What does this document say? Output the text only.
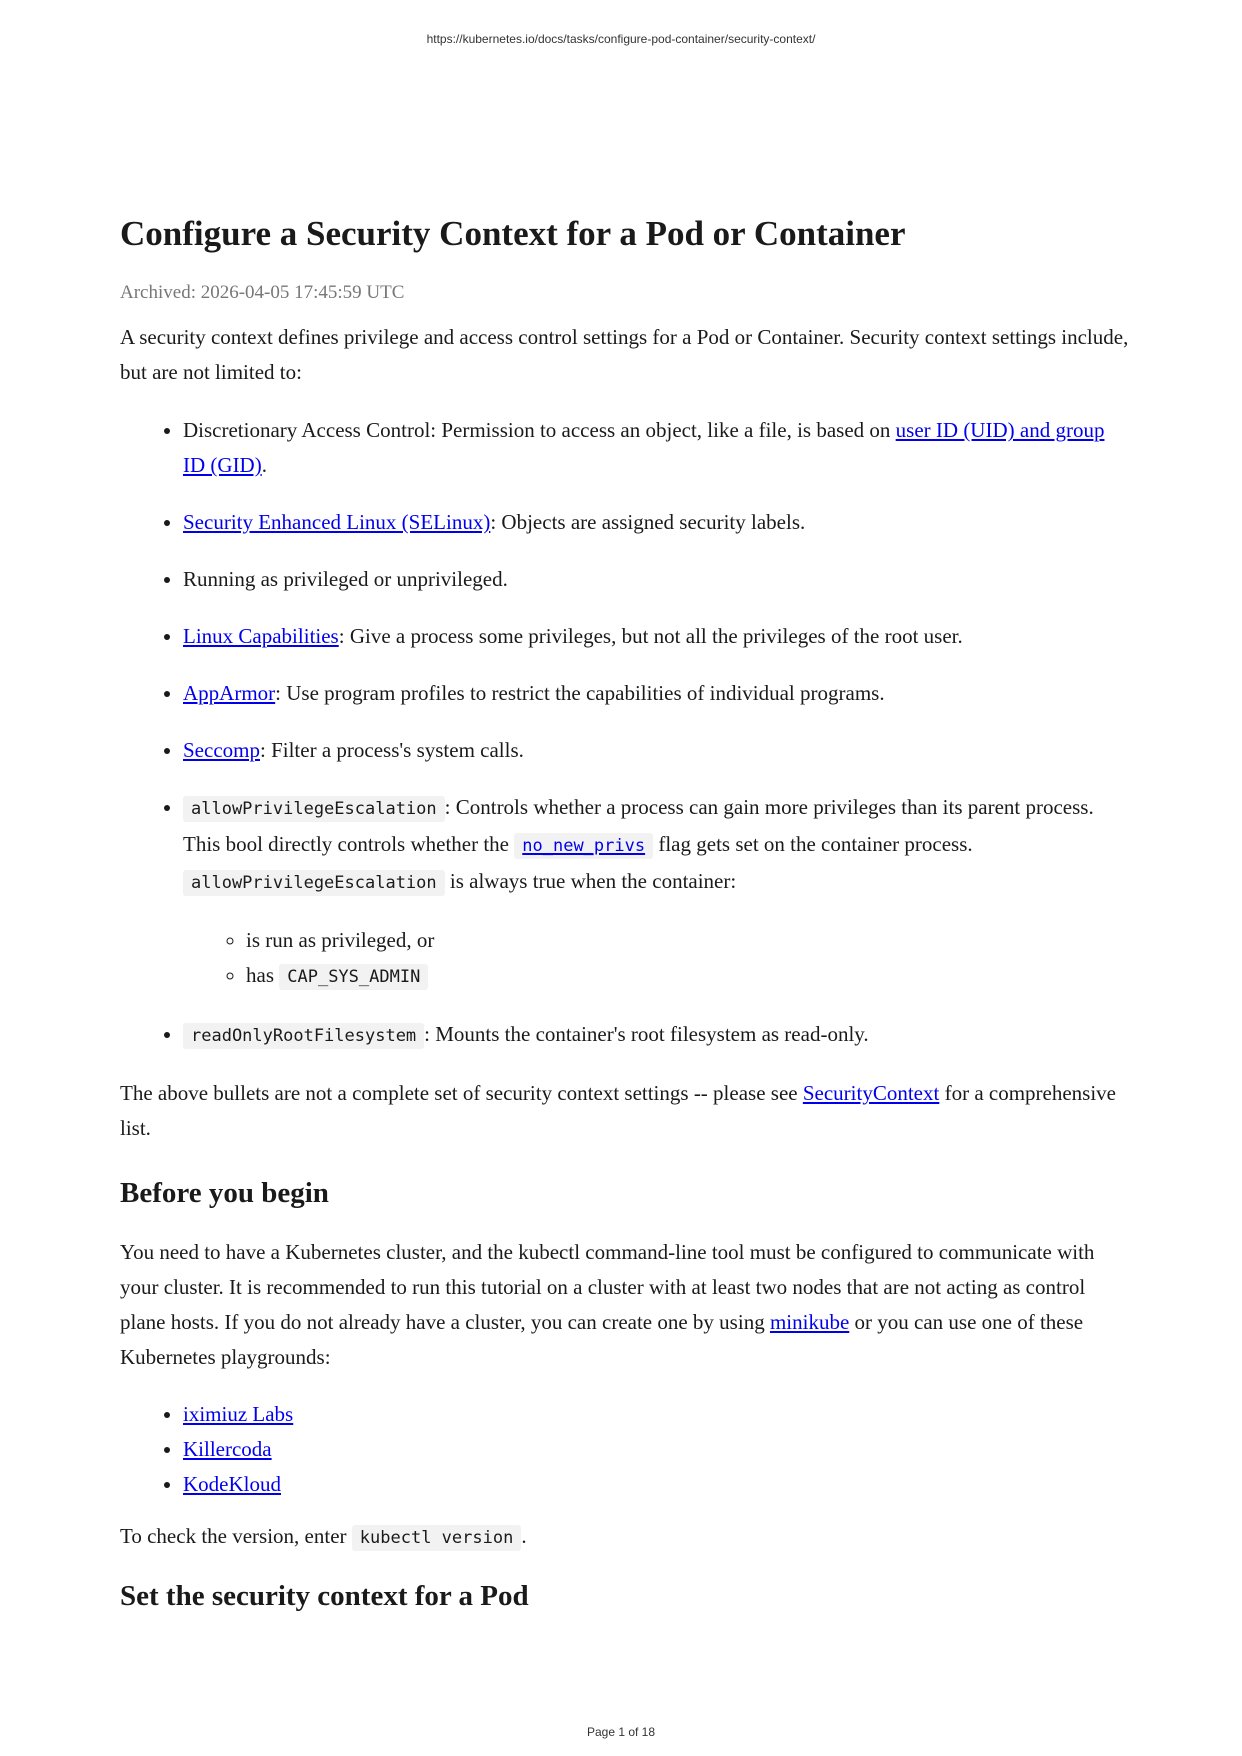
https://kubernetes.io/docs/tasks/configure-pod-container/security-context/
Configure a Security Context for a Pod or Container
Archived: 2026-04-05 17:45:59 UTC

A security context defines privilege and access control settings for a Pod or Container. Security context settings include, but are not limited to:

• Discretionary Access Control: Permission to access an object, like a file, is based on user ID (UID) and group ID (GID).
• Security Enhanced Linux (SELinux): Objects are assigned security labels.
• Running as privileged or unprivileged.
• Linux Capabilities: Give a process some privileges, but not all the privileges of the root user.
• AppArmor: Use program profiles to restrict the capabilities of individual programs.
• Seccomp: Filter a process's system calls.
• allowPrivilegeEscalation : Controls whether a process can gain more privileges than its parent process. This bool directly controls whether the no_new_privs flag gets set on the container process. allowPrivilegeEscalation is always true when the container:
◦ is run as privileged, or
◦ has CAP_SYS_ADMIN
• readOnlyRootFilesystem : Mounts the container's root filesystem as read-only.

The above bullets are not a complete set of security context settings -- please see SecurityContext for a comprehensive list.

Before you begin

You need to have a Kubernetes cluster, and the kubectl command-line tool must be configured to communicate with your cluster. It is recommended to run this tutorial on a cluster with at least two nodes that are not acting as control plane hosts. If you do not already have a cluster, you can create one by using minikube or you can use one of these Kubernetes playgrounds:

• iximiuz Labs
• Killercoda
• KodeKloud

To check the version, enter kubectl version .

Set the security context for a Pod
Page 1 of 18
